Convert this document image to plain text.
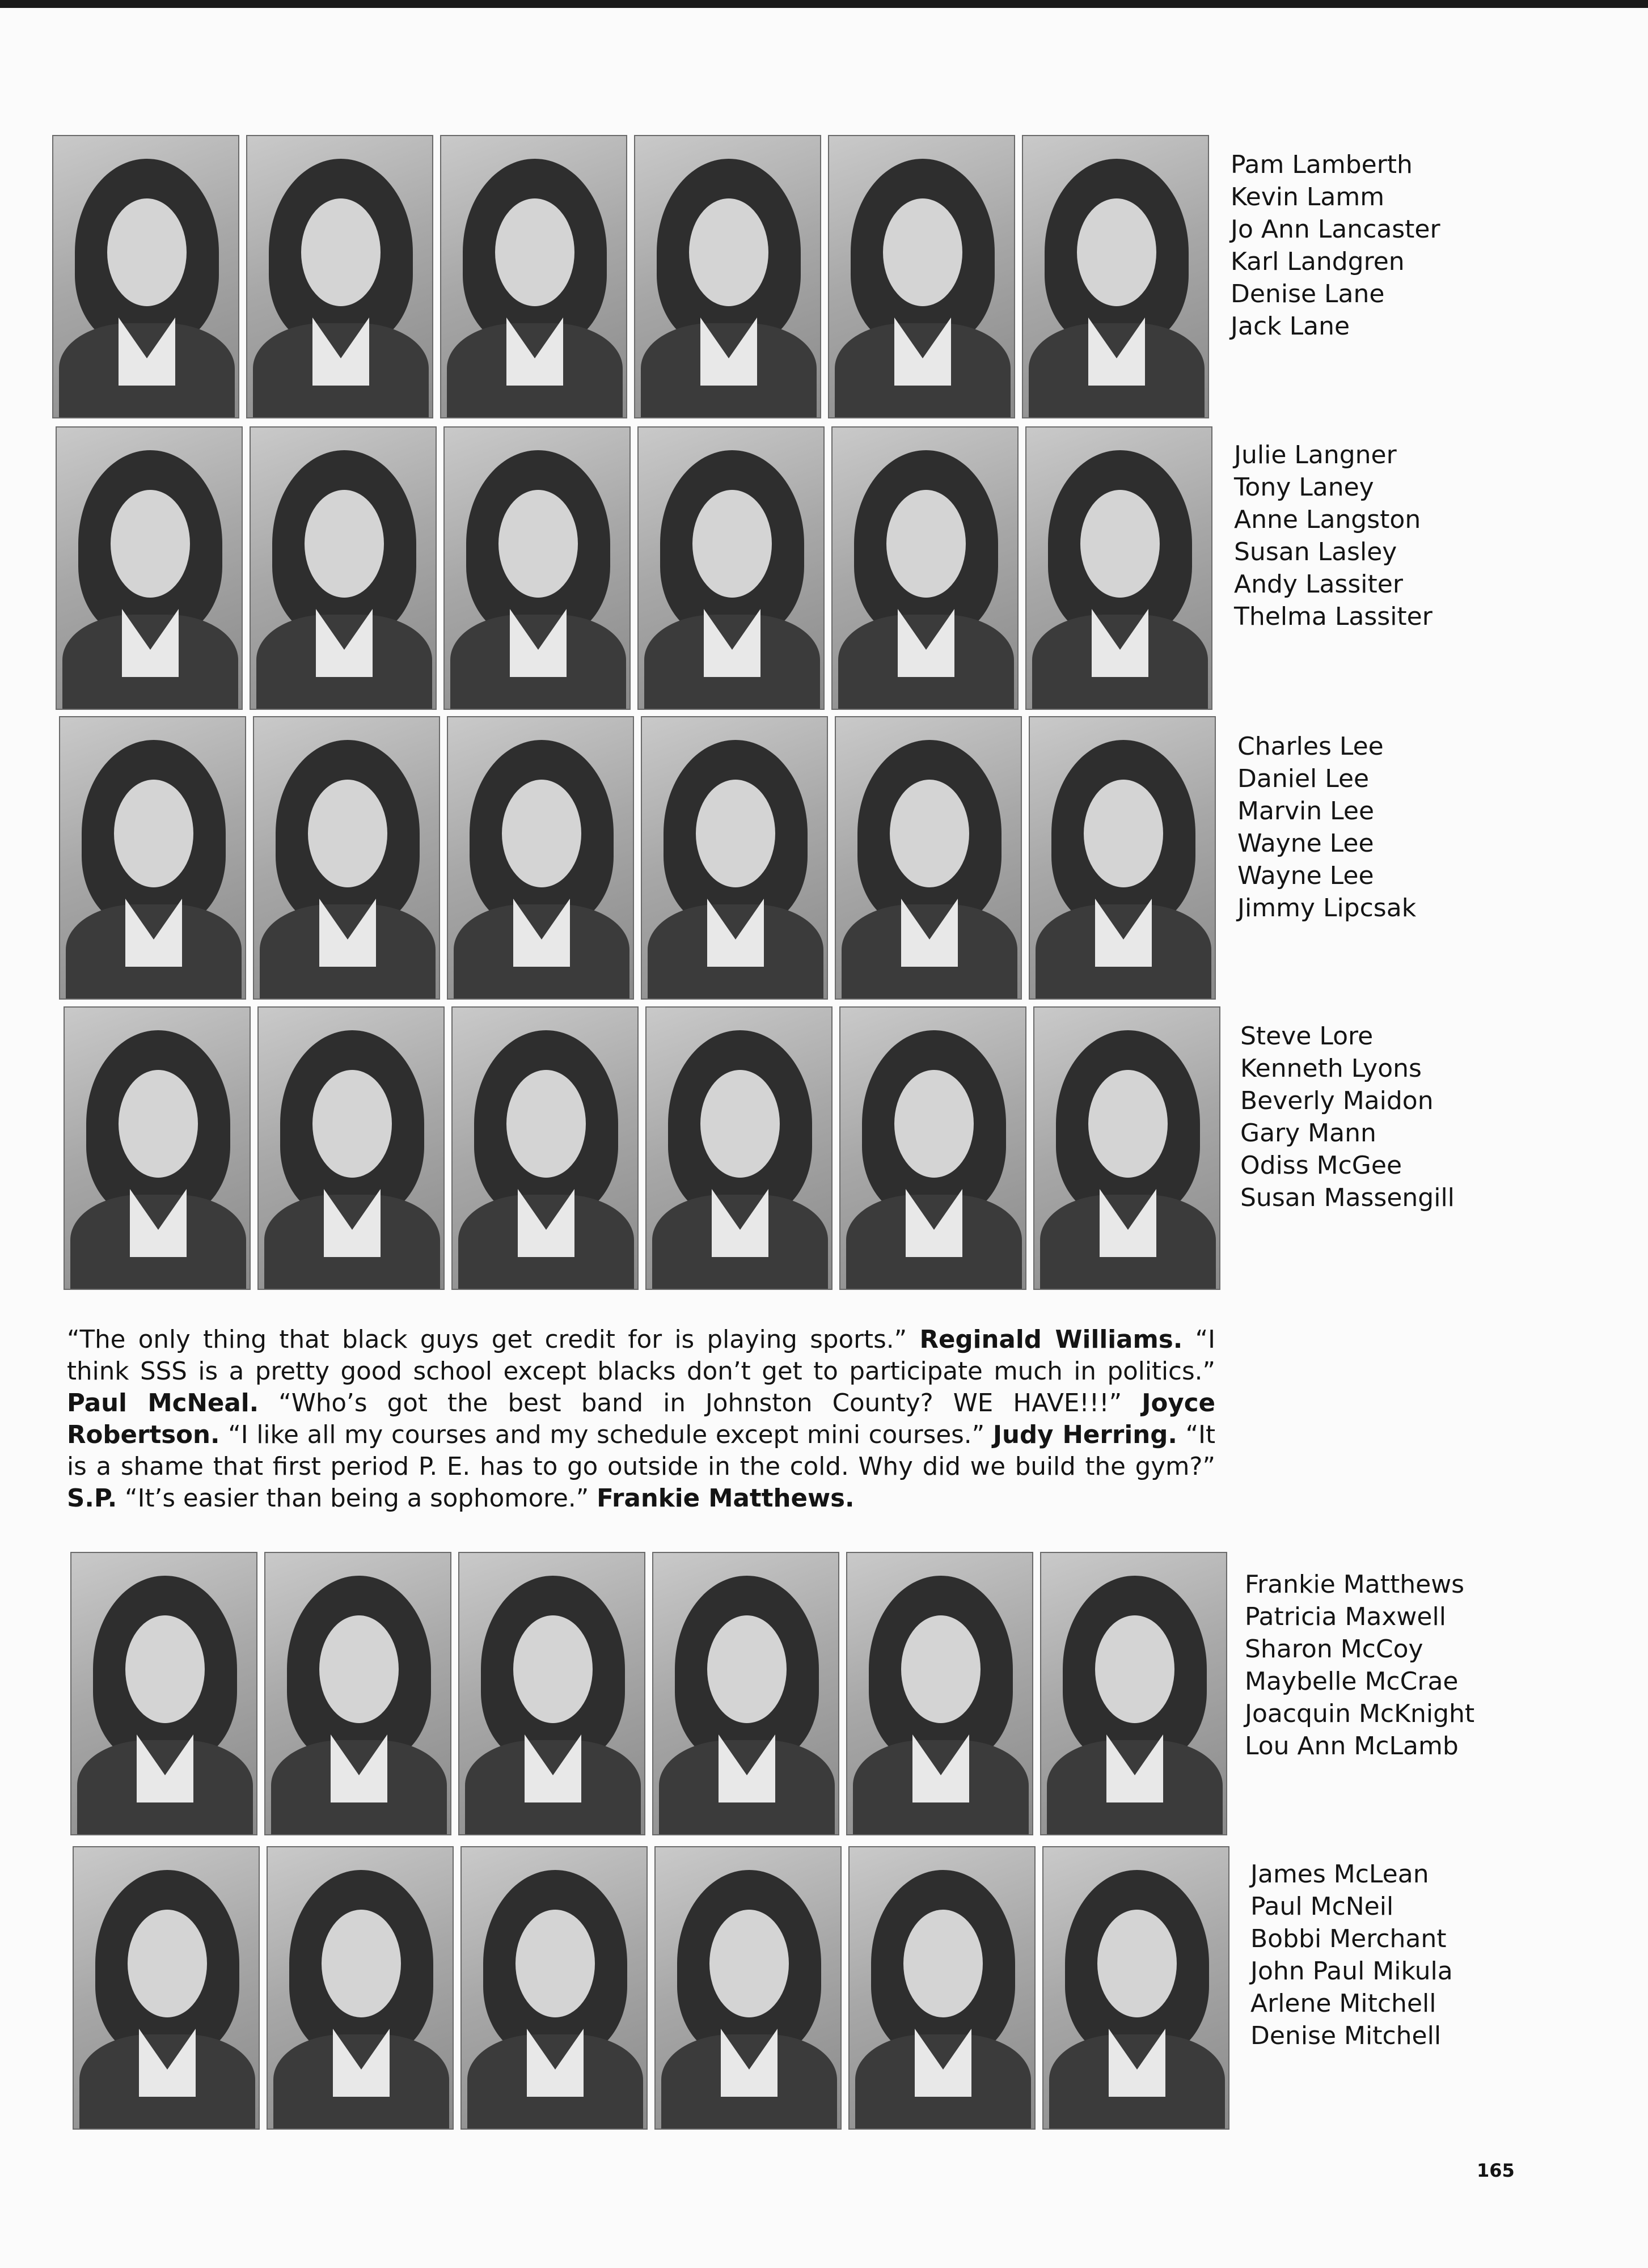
Pam Lamberth
Kevin Lamm
Jo Ann Lancaster
Karl Landgren
Denise Lane
Jack Lane
Julie Langner
Tony Laney
Anne Langston
Susan Lasley
Andy Lassiter
Thelma Lassiter
Charles Lee
Daniel Lee
Marvin Lee
Wayne Lee
Wayne Lee
Jimmy Lipcsak
Steve Lore
Kenneth Lyons
Beverly Maidon
Gary Mann
Odiss McGee
Susan Massengill
“The only thing that black guys get credit for is playing sports.” Reginald Williams. “I think SSS is a pretty good school except blacks don’t get to participate much in politics.” Paul McNeal. “Who’s got the best band in Johnston County? WE HAVE!!!” Joyce Robertson. “I like all my courses and my schedule except mini courses.” Judy Herring. “It is a shame that first period P. E. has to go outside in the cold. Why did we build the gym?” S.P. “It’s easier than being a sophomore.” Frankie Matthews.
Frankie Matthews
Patricia Maxwell
Sharon McCoy
Maybelle McCrae
Joacquin McKnight
Lou Ann McLamb
James McLean
Paul McNeil
Bobbi Merchant
John Paul Mikula
Arlene Mitchell
Denise Mitchell
165
